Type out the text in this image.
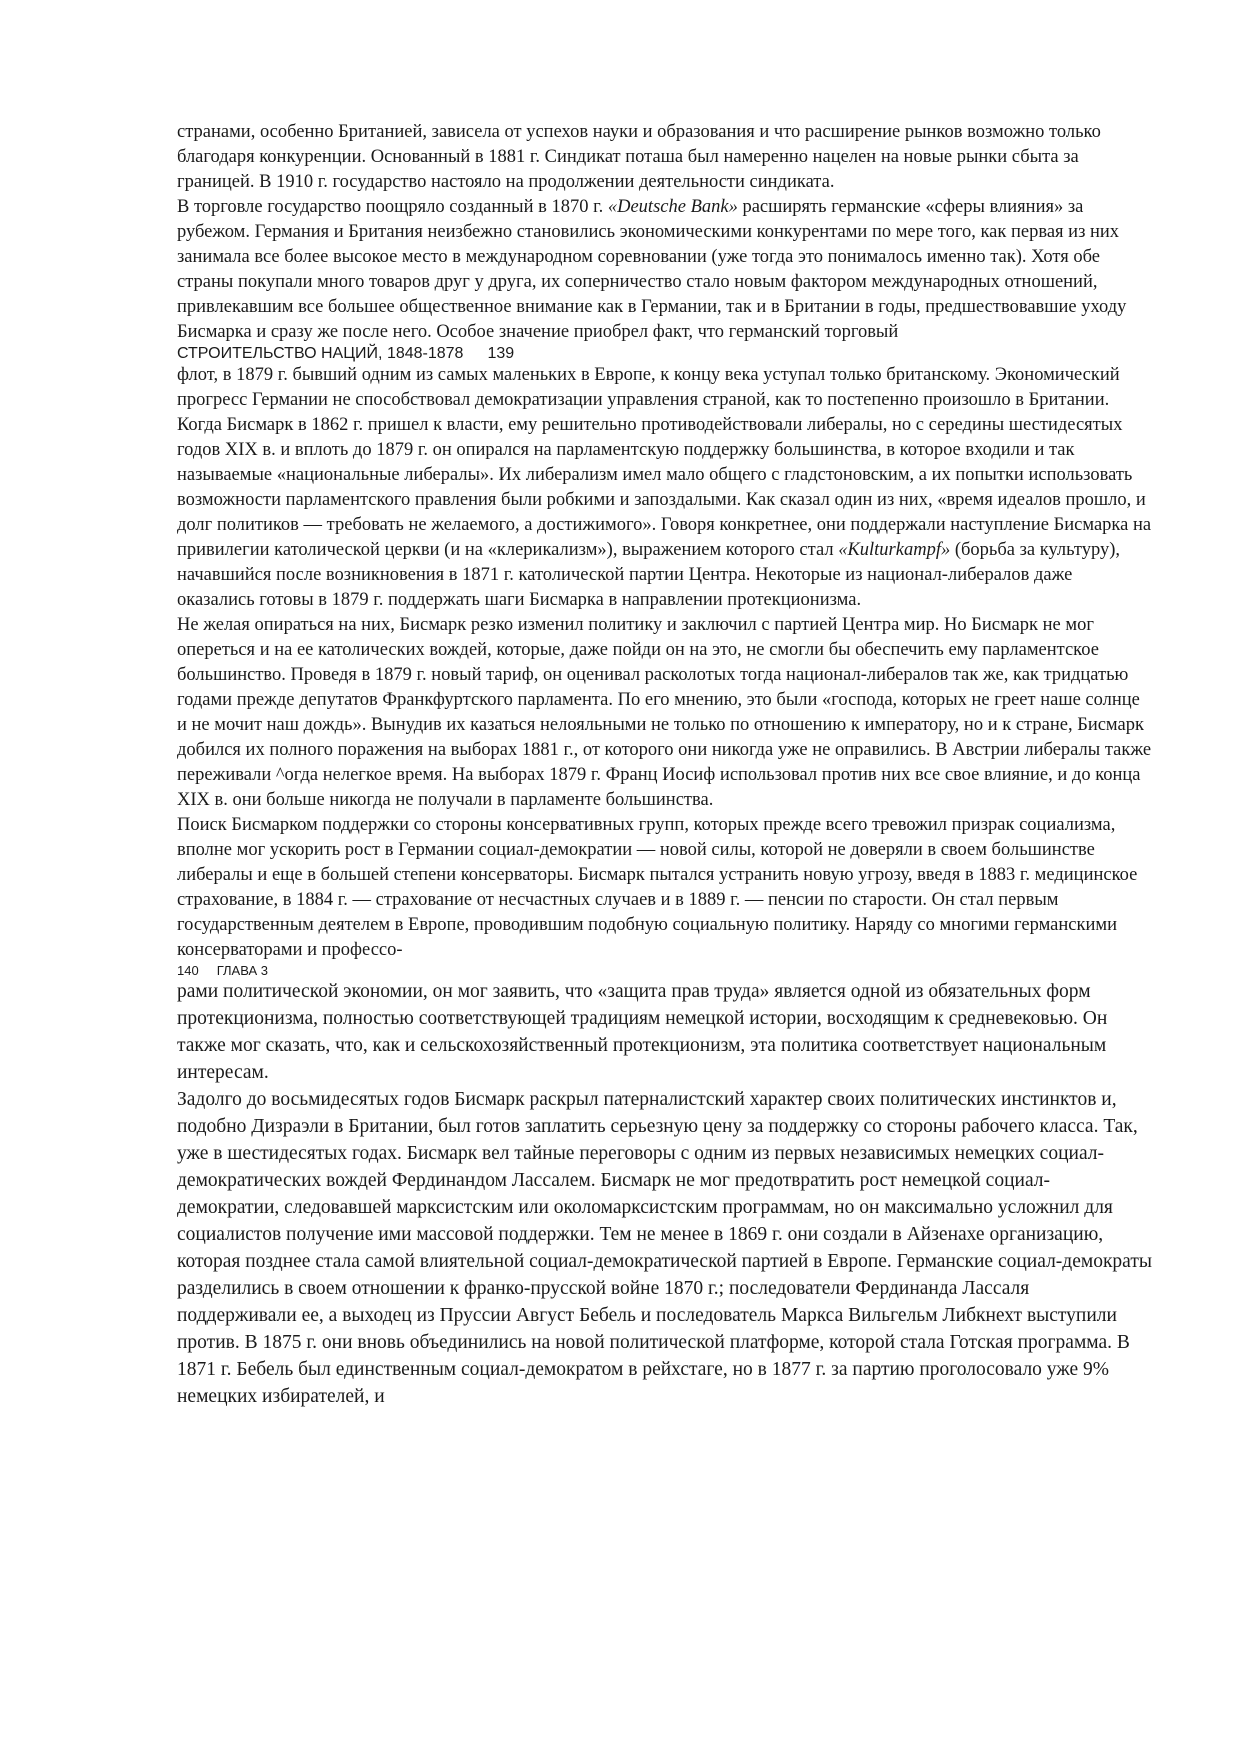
странами, особенно Британией, зависела от успехов науки и образования и что расширение рынков возможно только благодаря конкуренции. Основанный в 1881 г. Синдикат поташа был намеренно нацелен на новые рынки сбыта за границей. В 1910 г. государство настояло на продолжении деятельности синдиката.

В торговле государство поощряло созданный в 1870 г. «Deutsche Bank» расширять германские «сферы влияния» за рубежом. Германия и Британия неизбежно становились экономическими конкурентами по мере того, как первая из них занимала все более высокое место в международном соревновании (уже тогда это понималось именно так). Хотя обе страны покупали много товаров друг у друга, их соперничество стало новым фактором международных отношений, привлекавшим все большее общественное внимание как в Германии, так и в Британии в годы, предшествовавшие уходу Бисмарка и сразу же после него. Особое значение приобрел факт, что германский торговый

СТРОИТЕЛЬСТВО НАЦИЙ, 1848-1878 139

флот, в 1879 г. бывший одним из самых маленьких в Европе, к концу века уступал только британскому. Экономический прогресс Германии не способствовал демократизации управления страной, как то постепенно произошло в Британии. Когда Бисмарк в 1862 г. пришел к власти, ему решительно противодействовали либералы, но с середины шестидесятых годов XIX в. и вплоть до 1879 г. он опирался на парламентскую поддержку большинства, в которое входили и так называемые «национальные либералы». Их либерализм имел мало общего с гладстоновским, а их попытки использовать возможности парламентского правления были робкими и запоздалыми. Как сказал один из них, «время идеалов прошло, и долг политиков — требовать не желаемого, а достижимого». Говоря конкретнее, они поддержали наступление Бисмарка на привилегии католической церкви (и на «клерикализм»), выражением которого стал «Kulturkampf» (борьба за культуру), начавшийся после возникновения в 1871 г. католической партии Центра. Некоторые из национал-либералов даже оказались готовы в 1879 г. поддержать шаги Бисмарка в направлении протекционизма.

Не желая опираться на них, Бисмарк резко изменил политику и заключил с партией Центра мир. Но Бисмарк не мог опереться и на ее католических вождей, которые, даже пойди он на это, не смогли бы обеспечить ему парламентское большинство. Проведя в 1879 г. новый тариф, он оценивал расколотых тогда национал-либералов так же, как тридцатью годами прежде депутатов Франкфуртского парламента. По его мнению, это были «господа, которых не греет наше солнце и не мочит наш дождь». Вынудив их казаться нелояльными не только по отношению к императору, но и к стране, Бисмарк добился их полного поражения на выборах 1881 г., от которого они никогда уже не оправились. В Австрии либералы также переживали ^огда нелегкое время. На выборах 1879 г. Франц Иосиф использовал против них все свое влияние, и до конца XIX в. они больше никогда не получали в парламенте большинства.

Поиск Бисмарком поддержки со стороны консервативных групп, которых прежде всего тревожил призрак социализма, вполне мог ускорить рост в Германии социал-демократии — новой силы, которой не доверяли в своем большинстве либералы и еще в большей степени консерваторы. Бисмарк пытался устранить новую угрозу, введя в 1883 г. медицинское страхование, в 1884 г. — страхование от несчастных случаев и в 1889 г. — пенсии по старости. Он стал первым государственным деятелем в Европе, проводившим подобную социальную политику. Наряду со многими германскими консерваторами и профессо-

140 ГЛАВА 3

рами политической экономии, он мог заявить, что «защита прав труда» является одной из обязательных форм протекционизма, полностью соответствующей традициям немецкой истории, восходящим к средневековью. Он также мог сказать, что, как и сельскохозяйственный протекционизм, эта политика соответствует национальным интересам.

Задолго до восьмидесятых годов Бисмарк раскрыл патерналистский характер своих политических инстинктов и, подобно Дизраэли в Британии, был готов заплатить серьезную цену за поддержку со стороны рабочего класса. Так, уже в шестидесятых годах. Бисмарк вел тайные переговоры с одним из первых независимых немецких социал-демократических вождей Фердинандом Лассалем. Бисмарк не мог предотвратить рост немецкой социал-демократии, следовавшей марксистским или околомарксистским программам, но он максимально усложнил для социалистов получение ими массовой поддержки. Тем не менее в 1869 г. они создали в Айзенахе организацию, которая позднее стала самой влиятельной социал-демократической партией в Европе. Германские социал-демократы разделились в своем отношении к франко-прусской войне 1870 г.; последователи Фердинанда Лассаля поддерживали ее, а выходец из Пруссии Август Бебель и последователь Маркса Вильгельм Либкнехт выступили против. В 1875 г. они вновь объединились на новой политической платформе, которой стала Готская программа. В 1871 г. Бебель был единственным социал-демократом в рейхстаге, но в 1877 г. за партию проголосовало уже 9% немецких избирателей, и
